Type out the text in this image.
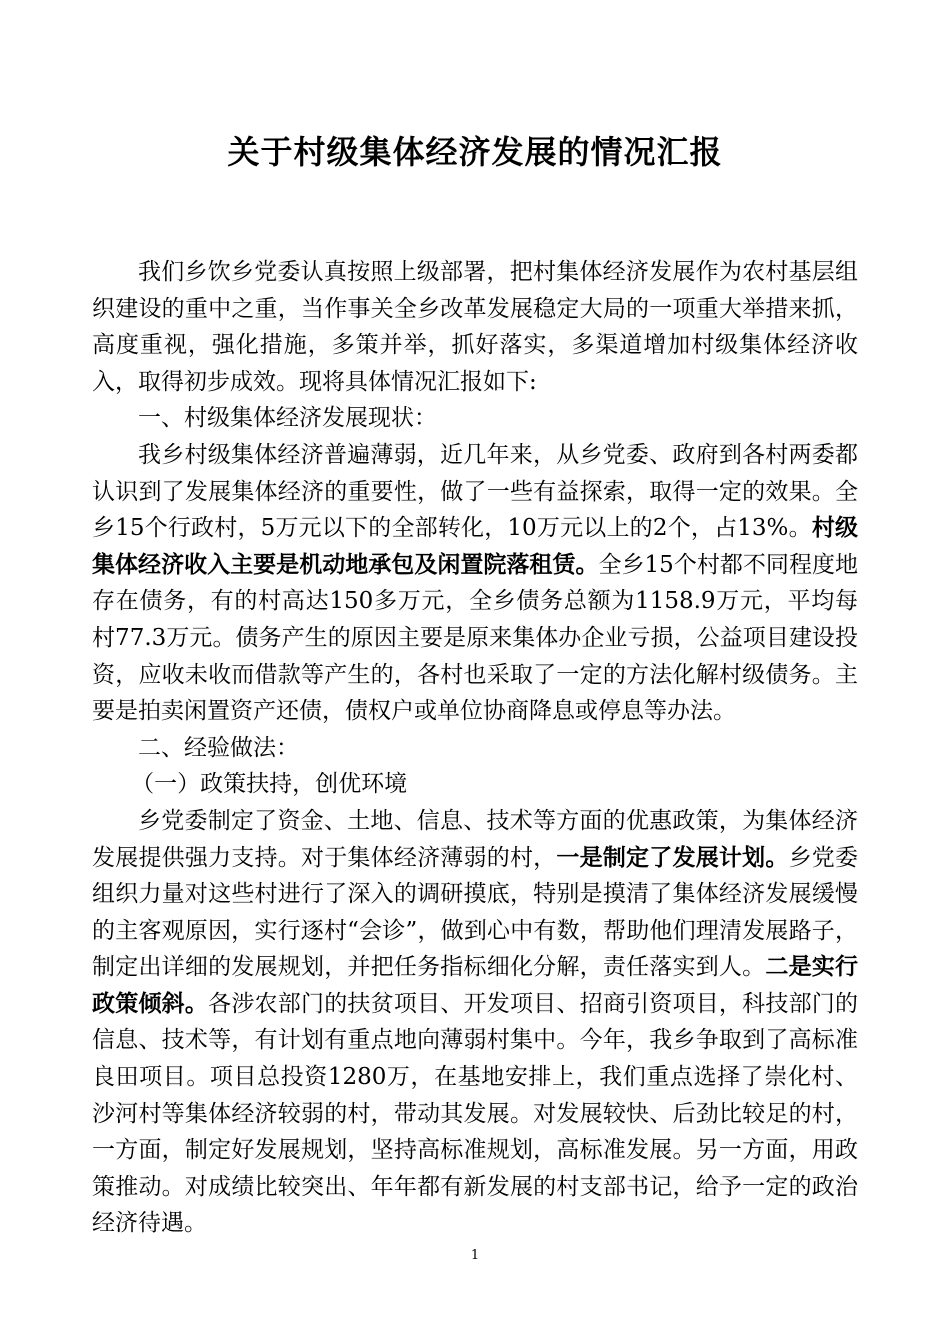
关于村级集体经济发展的情况汇报

我们乡饮乡党委认真按照上级部署，把村集体经济发展作为农村基层组织建设的重中之重，当作事关全乡改革发展稳定大局的一项重大举措来抓，高度重视，强化措施，多策并举，抓好落实，多渠道增加村级集体经济收入，取得初步成效。现将具体情况汇报如下:

一、村级集体经济发展现状：

我乡村级集体经济普遍薄弱，近几年来，从乡党委、政府到各村两委都认识到了发展集体经济的重要性，做了一些有益探索，取得一定的效果。全乡15个行政村，5万元以下的全部转化，10万元以上的2个，占13%。村级集体经济收入主要是机动地承包及闲置院落租赁。全乡15个村都不同程度地存在债务，有的村高达150多万元，全乡债务总额为1158.9万元，平均每村77.3万元。债务产生的原因主要是原来集体办企业亏损，公益项目建设投资，应收未收而借款等产生的，各村也采取了一定的方法化解村级债务。主要是拍卖闲置资产还债，债权户或单位协商降息或停息等办法。

二、经验做法：

（一）政策扶持，创优环境

乡党委制定了资金、土地、信息、技术等方面的优惠政策，为集体经济发展提供强力支持。对于集体经济薄弱的村，一是制定了发展计划。乡党委组织力量对这些村进行了深入的调研摸底，特别是摸清了集体经济发展缓慢的主客观原因，实行逐村“会诊”，做到心中有数，帮助他们理清发展路子，制定出详细的发展规划，并把任务指标细化分解，责任落实到人。二是实行政策倾斜。各涉农部门的扶贫项目、开发项目、招商引资项目，科技部门的信息、技术等，有计划有重点地向薄弱村集中。今年，我乡争取到了高标准良田项目。项目总投资1280万，在基地安排上，我们重点选择了崇化村、沙河村等集体经济较弱的村，带动其发展。对发展较快、后劲比较足的村，一方面，制定好发展规划，坚持高标准规划，高标准发展。另一方面，用政策推动。对成绩比较突出、年年都有新发展的村支部书记，给予一定的政治经济待遇。

1
